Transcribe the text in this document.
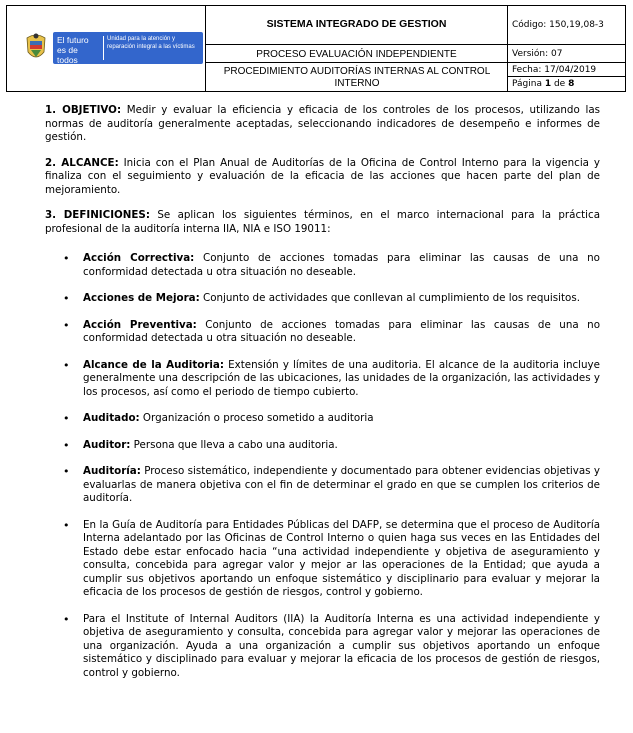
El futuro es de todos
Unidad para la atención y reparación integral a las víctimas
SISTEMA INTEGRADO DE GESTION
PROCESO EVALUACIÓN INDEPENDIENTE
PROCEDIMIENTO AUDITORÍAS INTERNAS AL CONTROL INTERNO
Código: 150,19,08-3
Versión: 07
Fecha: 17/04/2019
Página 1 de 8

1. OBJETIVO: Medir y evaluar la eficiencia y eficacia de los controles de los procesos, utilizando las normas de auditoría generalmente aceptadas, seleccionando indicadores de desempeño e informes de gestión.

2. ALCANCE: Inicia con el Plan Anual de Auditorías de la Oficina de Control Interno para la vigencia y finaliza con el seguimiento y evaluación de la eficacia de las acciones que hacen parte del plan de mejoramiento.

3. DEFINICIONES: Se aplican los siguientes términos, en el marco internacional para la práctica profesional de la auditoría interna IIA, NIA e ISO 19011:

• Acción Correctiva: Conjunto de acciones tomadas para eliminar las causas de una no conformidad detectada u otra situación no deseable.
• Acciones de Mejora: Conjunto de actividades que conllevan al cumplimiento de los requisitos.
• Acción Preventiva: Conjunto de acciones tomadas para eliminar las causas de una no conformidad detectada u otra situación no deseable.
• Alcance de la Auditoria: Extensión y límites de una auditoria. El alcance de la auditoria incluye generalmente una descripción de las ubicaciones, las unidades de la organización, las actividades y los procesos, así como el periodo de tiempo cubierto.
• Auditado: Organización o proceso sometido a auditoria
• Auditor: Persona que lleva a cabo una auditoria.
• Auditoría: Proceso sistemático, independiente y documentado para obtener evidencias objetivas y evaluarlas de manera objetiva con el fin de determinar el grado en que se cumplen los criterios de auditoría.
• En la Guía de Auditoría para Entidades Públicas del DAFP, se determina que el proceso de Auditoría Interna adelantado por las Oficinas de Control Interno o quien haga sus veces en las Entidades del Estado debe estar enfocado hacia “una actividad independiente y objetiva de aseguramiento y consulta, concebida para agregar valor y mejor ar las operaciones de la Entidad; que ayuda a cumplir sus objetivos aportando un enfoque sistemático y disciplinario para evaluar y mejorar la eficacia de los procesos de gestión de riesgos, control y gobierno.
• Para el Institute of Internal Auditors (IIA) la Auditoría Interna es una actividad independiente y objetiva de aseguramiento y consulta, concebida para agregar valor y mejorar las operaciones de una organización. Ayuda a una organización a cumplir sus objetivos aportando un enfoque sistemático y disciplinado para evaluar y mejorar la eficacia de los procesos de gestión de riesgos, control y gobierno.
